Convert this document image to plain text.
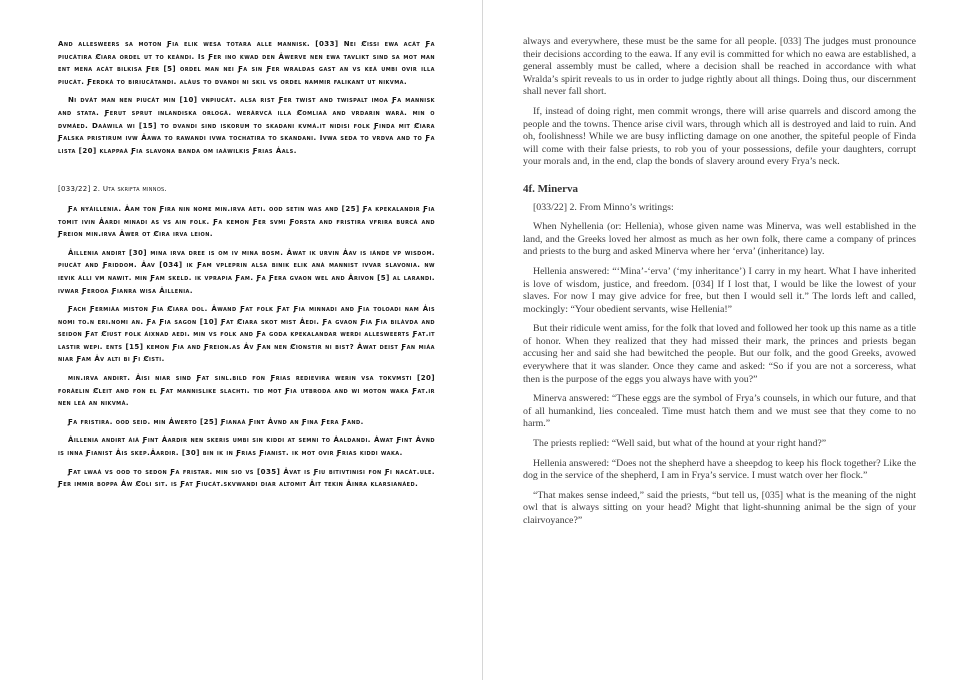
And allesweers sa moton Ƒia elik wesa totara alle mannisk. [033] Nei Ȼissi ewa acȧt Ƒa piucȧtira Ȼiara ordel ut to keȧndi. Is Ƒer ino kwad den Ȧwerve nen ewa tavlikt sind sa mot man ent mena acȧt bilkisa Ƒer [5] ordel man nei Ƒa sin Ƒer wraldas gast an vs keȧ umbi ovir illa piucȧt. Ƒerdkȧ to biriucȧtandi. alȧus to dvandi ni skil vs ordel nammir falikant ut nikvma.

Ni dvȧt man nen piucȧt min [10] vnpiucȧt. alsa rist Ƒer twist and twispalt imoa Ƒa mannisk and stata. Ƒerut sprut inlandiska orlogȧ. werȧrvcȧ illa Ȼomliaȧ and vrdarin warȧ. min o dvmȧed. Daȧwila wi [15] to dvandi sind iskorum to skadani kvmȧ.it nidisi folk Ƒinda mit Ȼiara Ƒalska pristirum ivw Ȧawa to rawandi ivwa tochatira to skandani. Ivwa seda to vrdva and to Ƒa lista [20] klappaȧ Ƒia slavona banda om iaȧwilkis Ƒrias Ȧals.

[033/22] 2. Uta skrifta minnos.

Ƒa nyȧillenia. Ȧam ton Ƒira nin nome min.irva ȧeti. ood setin was and [25] Ƒa kpekalandir Ƒia tomit ivin Ȧardi minadi as vs ain folk. Ƒa kemon Ƒer svmi Ƒorsta and fristira vfrira burcȧ and Ƒreion min.irva Ȧwer ot Ȼira irva leion.

Ȧillenia andirt [30] mina irva dree is om iv mina bosm. Ȧwat ik urvin Ȧav is iȧnde vp wisdom. piucȧt and Ƒriddom. Ȧav [034] ik Ƒam vpleprin alsa binik elik anȧ mannist ivvar slavonia. nw ievik ȧlli vm nawit. min Ƒam skeld. ik vprapia Ƒam. Ƒa Ƒera gvaon wel and Ȧrivon [5] al larandi. ivwar Ƒerooa Ƒianra wisa Ȧillenia.

Ƒach Ƒermiȧa miston Ƒia Ȼiara dol. Ȧwand Ƒat folk Ƒat Ƒia minnadi and Ƒia toloadi nam Ȧis nomi to.n eri.nomi an. Ƒa Ƒia sagon [10] Ƒat Ȼiara skot mist Ȧedi. Ƒa gvaon Ƒia Ƒia bilȧvda and seidon Ƒat Ȼiust folk ȧixnad aedi. min vs folk and Ƒa goda kpekalandar werdi allesweerts Ƒat.it lastir wepi. ents [15] kemon Ƒia and Ƒreion.as Ȧv Ƒan nen Ȼionstir ni bist? Ȧwat deist Ƒan miȧa niar Ƒam Ȧv alti bi Ƒi Ȼisti.

min.irva andirt. Ȧisi niar sind Ƒat sinl.bild fon Ƒrias redievira werin vsa tokvmsti [20] forȧelin Ȼleit and fon el Ƒat mannislike slachti. tid mot Ƒia utbroda and wi moton waka Ƒat.ir nen leȧ an nikvmȧ.

Ƒa fristira. ood seid. min Ȧwerto [25] Ƒianaȧ Ƒint Ȧvnd an Ƒina Ƒera Ƒand.

Ȧillenia andirt ȧiȧ Ƒint Ȧardir nen skeris umbi sin kiddi at semni to Ȧaldandi. Ȧwat Ƒint Ȧvnd is inna Ƒianist Ȧis skep.Ȧardir. [30] bin ik in Ƒrias Ƒianist. ik mot ovir Ƒrias kiddi waka.

Ƒat lwaȧ vs ood to sedon Ƒa fristar. min sio vs [035] Ȧvat is Ƒiu bitivtinisi fon Ƒi nacȧt.ule. Ƒer immir boppa Ȧw Ȼoli sit. is Ƒat Ƒiucȧt.skvwandi diar altomit Ȧit tekin Ȧinra klarsianȧed.

always and everywhere, these must be the same for all people. [033] The judges must pronounce their decisions according to the eawa. If any evil is committed for which no eawa are established, a general assembly must be called, where a decision shall be reached in accordance with what Wralda’s spirit reveals to us in order to judge rightly about all things. Doing thus, our discernment shall never fall short.

If, instead of doing right, men commit wrongs, there will arise quarrels and discord among the people and the towns. Thence arise civil wars, through which all is destroyed and laid to ruin. And oh, foolishness! While we are busy inflicting damage on one another, the spiteful people of Finda will come with their false priests, to rob you of your possessions, defile your daughters, corrupt your morals and, in the end, clap the bonds of slavery around every Frya’s neck.

4f. Minerva

[033/22] 2. From Minno’s writings:

When Nyhellenia (or: Hellenia), whose given name was Minerva, was well established in the land, and the Greeks loved her almost as much as her own folk, there came a company of princes and priests to the burg and asked Minerva where her ‘erva’ (inheritance) lay.

Hellenia answered: “‘Mina’-‘erva’ (‘my inheritance’) I carry in my heart. What I have inherited is love of wisdom, justice, and freedom. [034] If I lost that, I would be like the lowest of your slaves. For now I may give advice for free, but then I would sell it.” The lords left and called, mockingly: “Your obedient servants, wise Hellenia!”

But their ridicule went amiss, for the folk that loved and followed her took up this name as a title of honor. When they realized that they had missed their mark, the princes and priests began accusing her and said she had bewitched the people. But our folk, and the good Greeks, avowed everywhere that it was slander. Once they came and asked: “So if you are not a sorceress, what then is the purpose of the eggs you always have with you?”

Minerva answered: “These eggs are the symbol of Frya’s counsels, in which our future, and that of all humankind, lies concealed. Time must hatch them and we must see that they come to no harm.”

The priests replied: “Well said, but what of the hound at your right hand?”

Hellenia answered: “Does not the shepherd have a sheepdog to keep his flock together? Like the dog in the service of the shepherd, I am in Frya’s service. I must watch over her flock.”

“That makes sense indeed,” said the priests, “but tell us, [035] what is the meaning of the night owl that is always sitting on your head? Might that light-shunning animal be the sign of your clairvoyance?”
